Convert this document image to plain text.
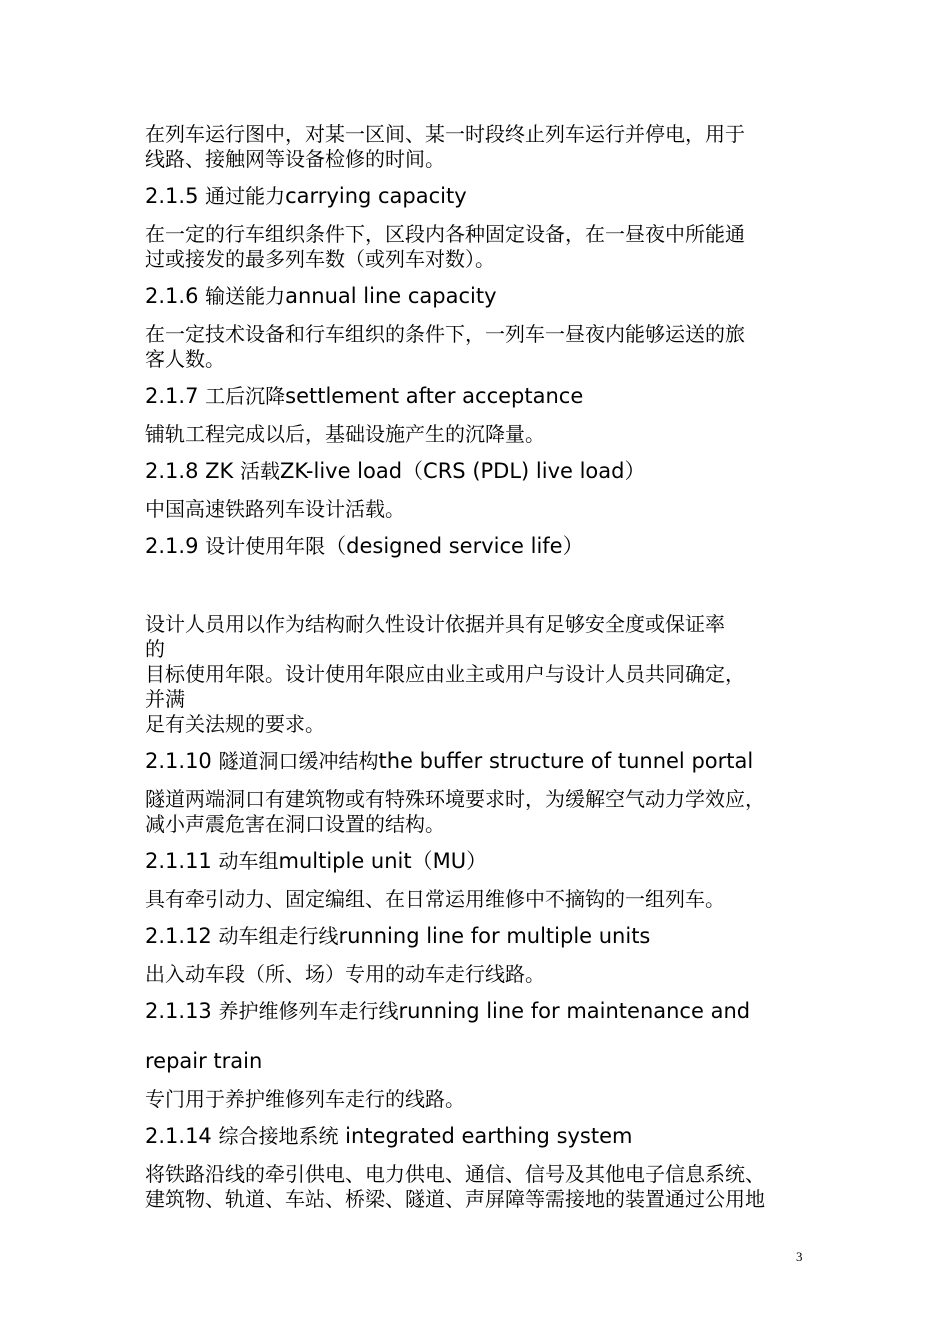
在列车运行图中，对某一区间、某一时段终止列车运行并停电，用于
线路、接触网等设备检修的时间。

2.1.5 通过能力carrying capacity

在一定的行车组织条件下，区段内各种固定设备，在一昼夜中所能通
过或接发的最多列车数（或列车对数）。

2.1.6 输送能力annual line capacity

在一定技术设备和行车组织的条件下，一列车一昼夜内能够运送的旅
客人数。

2.1.7 工后沉降settlement after acceptance

铺轨工程完成以后，基础设施产生的沉降量。

2.1.8 ZK 活载ZK-live load（CRS (PDL) live load）

中国高速铁路列车设计活载。

2.1.9 设计使用年限（designed service life）

设计人员用以作为结构耐久性设计依据并具有足够安全度或保证率
的
目标使用年限。设计使用年限应由业主或用户与设计人员共同确定，
并满
足有关法规的要求。

2.1.10 隧道洞口缓冲结构the buffer structure of tunnel portal

隧道两端洞口有建筑物或有特殊环境要求时，为缓解空气动力学效应，
减小声震危害在洞口设置的结构。

2.1.11 动车组multiple unit（MU）

具有牵引动力、固定编组、在日常运用维修中不摘钩的一组列车。

2.1.12 动车组走行线running line for multiple units

出入动车段（所、场）专用的动车走行线路。

2.1.13 养护维修列车走行线running line for maintenance and

repair train

专门用于养护维修列车走行的线路。

2.1.14 综合接地系统 integrated earthing system

将铁路沿线的牵引供电、电力供电、通信、信号及其他电子信息系统、
建筑物、轨道、车站、桥梁、隧道、声屏障等需接地的装置通过公用地

3
